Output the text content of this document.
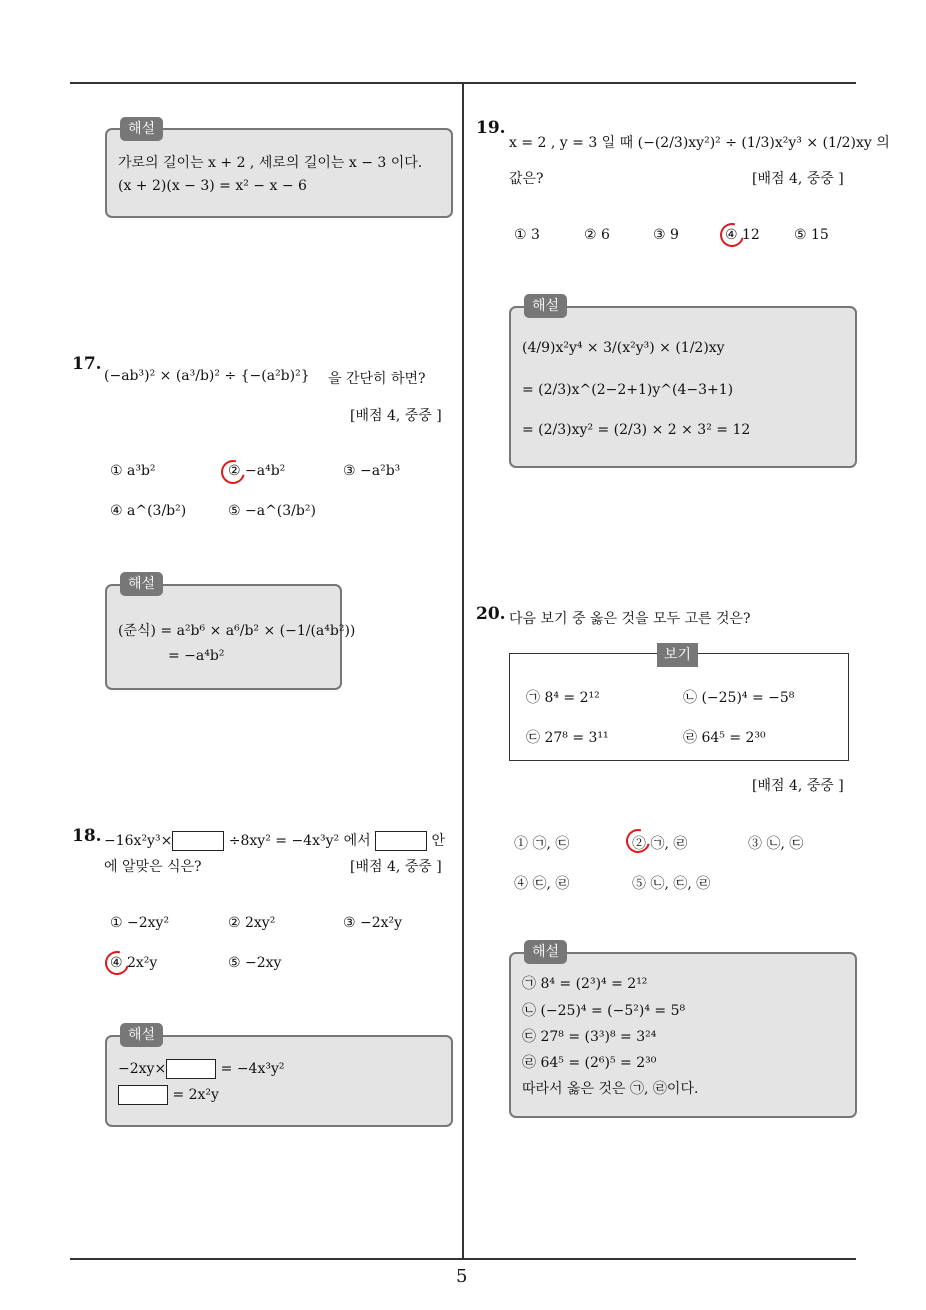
5
해설
가로의 길이는 x + 2 , 세로의 길이는 x − 3 이다.
(x + 2)(x − 3) = x² − x − 6
17.
(−ab³)² × (a³/b)² ÷ {−(a²b)²} 을 간단히 하면?
[배점 4, 중중 ]
① a³b²	② −a⁴b²	③ −a²b³
④ a^(3/b²)	⑤ −a^(3/b²)
해설
(준식) = a²b⁶ × a⁶/b² × (−1/(a⁴b²))
= −a⁴b²
18. −16x²y³×	÷8xy² = −4x³y² 에서	안
에 알맞은 식은?	[배점 4, 중중 ]
① −2xy²	② 2xy²	③ −2x²y
④ 2x²y	⑤ −2xy
해설
−2xy×	= −4x³y²
= 2x²y
19.
x = 2 , y = 3 일 때 (−(2/3)xy²)² ÷ (1/3)x²y³ × (1/2)xy 의
값은?	[배점 4, 중중 ]
① 3	② 6	③ 9	④ 12 ⑤ 15
해설
(4/9)x²y⁴ × 3/(x²y³) × (1/2)xy
= (2/3)x^(2−2+1)y^(4−3+1)
= (2/3)xy² = (2/3) × 2 × 3² = 12
20. 다음 보기 중 옳은 것을 모두 고른 것은?
보기
㉠ 8⁴ = 2¹²	㉡ (−25)⁴ = −5⁸
㉢ 27⁸ = 3¹¹	㉣ 64⁵ = 2³⁰
[배점 4, 중중 ]
① ㉠, ㉢	② ㉠, ㉣	③ ㉡, ㉢
④ ㉢, ㉣	⑤ ㉡, ㉢, ㉣
해설
㉠ 8⁴ = (2³)⁴ = 2¹²
㉡ (−25)⁴ = (−5²)⁴ = 5⁸
㉢ 27⁸ = (3³)⁸ = 3²⁴
㉣ 64⁵ = (2⁶)⁵ = 2³⁰
따라서 옳은 것은 ㉠, ㉣이다.
